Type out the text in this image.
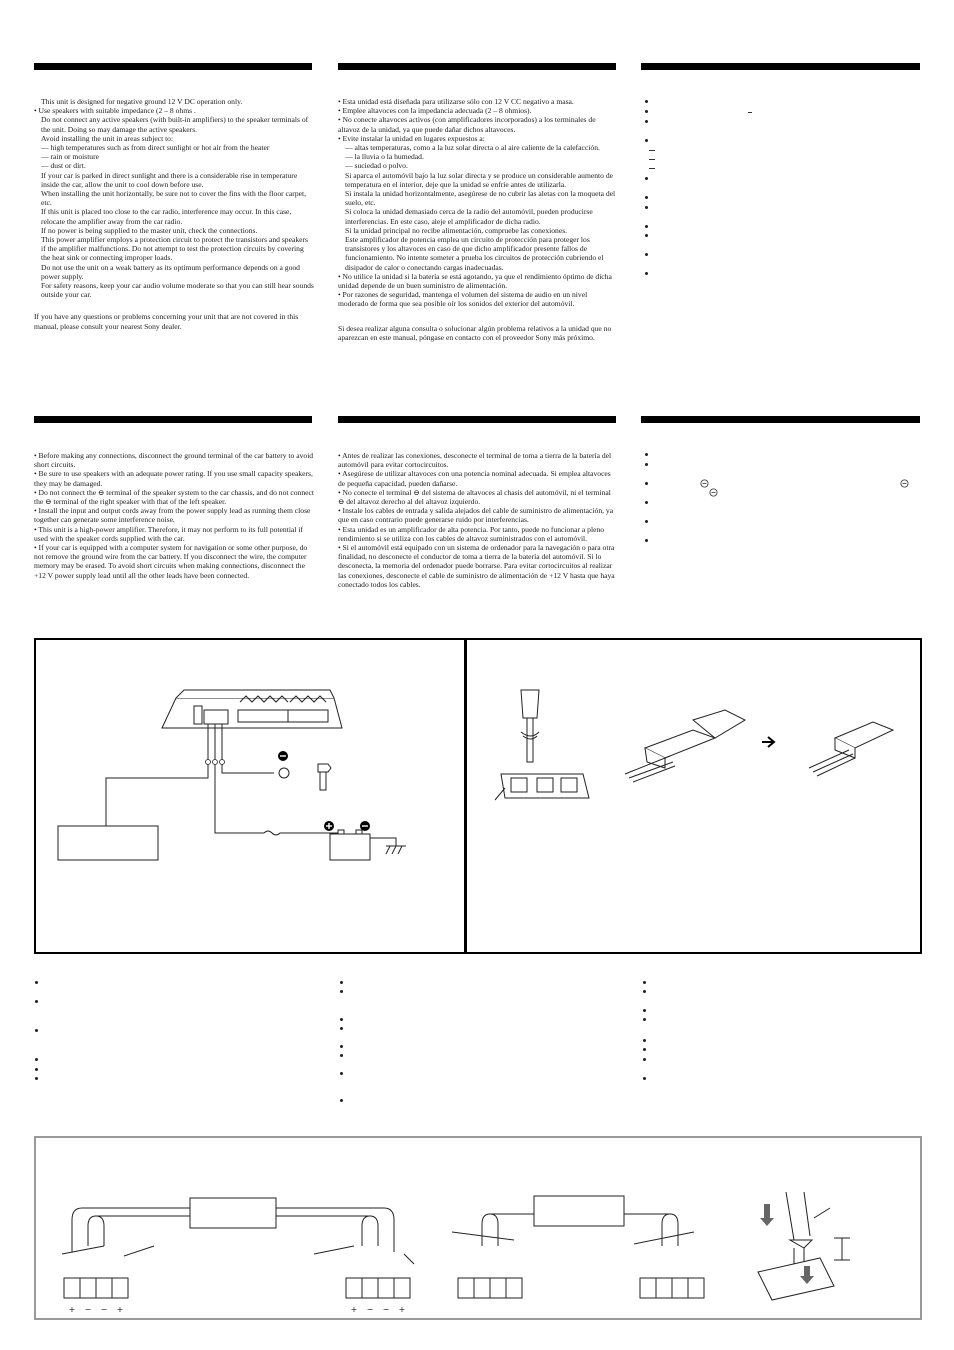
This unit is designed for negative ground 12 V DC operation only.

• Use speakers with suitable impedance (2 – 8 ohms .

Do not connect any active speakers (with built-in amplifiers) to the speaker terminals of the unit. Doing so may damage the active speakers.

Avoid installing the unit in areas subject to:

— high temperatures such as from direct sunlight or hot air from the heater

— rain or moisture

— dust or dirt.

If your car is parked in direct sunlight and there is a considerable rise in temperature inside the car, allow the unit to cool down before use.

When installing the unit horizontally, be sure not to cover the fins with the floor carpet, etc.

If this unit is placed too close to the car radio, interference may occur. In this case, relocate the amplifier away from the car radio.

If no power is being supplied to the master unit, check the connections.

This power amplifier employs a protection circuit to protect the transistors and speakers if the amplifier malfunctions. Do not attempt to test the protection circuits by covering the heat sink or connecting improper loads.

Do not use the unit on a weak battery as its optimum performance depends on a good power supply.

For safety reasons, keep your car audio volume moderate so that you can still hear sounds outside your car.

If you have any questions or problems concerning your unit that are not covered in this manual, please consult your nearest Sony dealer.

• Esta unidad está diseñada para utilizarse sólo con 12 V CC negativo a masa.

• Emplee altavoces con la impedancia adecuada (2 – 8 ohmios).

• No conecte altavoces activos (con amplificadores incorporados) a los terminales de altavoz de la unidad, ya que puede dañar dichos altavoces.

• Evite instalar la unidad en lugares expuestos a:

— altas temperaturas, como a la luz solar directa o al aire caliente de la calefacción.

— la lluvia o la humedad.

— suciedad o polvo.

Si aparca el automóvil bajo la luz solar directa y se produce un considerable aumento de temperatura en el interior, deje que la unidad se enfríe antes de utilizarla.

Si instala la unidad horizontalmente, asegúrese de no cubrir las aletas con la moqueta del suelo, etc.

Si coloca la unidad demasiado cerca de la radio del automóvil, pueden producirse interferencias. En este caso, aleje el amplificador de dicha radio.

Si la unidad principal no recibe alimentación, compruebe las conexiones.

Este amplificador de potencia emplea un circuito de protección para proteger los transistores y los altavoces en caso de que dicho amplificador presente fallos de funcionamiento. No intente someter a prueba los circuitos de protección cubriendo el disipador de calor o conectando cargas inadecuadas.

• No utilice la unidad si la batería se está agotando, ya que el rendimiento óptimo de dicha unidad depende de un buen suministro de alimentación.

• Por razones de seguridad, mantenga el volumen del sistema de audio en un nivel moderado de forma que sea posible oír los sonidos del exterior del automóvil.

Si desea realizar alguna consulta o solucionar algún problema relativos a la unidad que no aparezcan en este manual, póngase en contacto con el proveedor Sony más próximo.

• Before making any connections, disconnect the ground terminal of the car battery to avoid short circuits.

• Be sure to use speakers with an adequate power rating. If you use small capacity speakers, they may be damaged.

• Do not connect the ⊖ terminal of the speaker system to the car chassis, and do not connect the ⊖ terminal of the right speaker with that of the left speaker.

• Install the input and output cords away from the power supply lead as running them close together can generate some interference noise.

• This unit is a high-power amplifier. Therefore, it may not perform to its full potential if used with the speaker cords supplied with the car.

• If your car is equipped with a computer system for navigation or some other purpose, do not remove the ground wire from the car battery. If you disconnect the wire, the computer memory may be erased. To avoid short circuits when making connections, disconnect the +12 V power supply lead until all the other leads have been connected.

• Antes de realizar las conexiones, desconecte el terminal de toma a tierra de la batería del automóvil para evitar cortocircuitos.

• Asegúrese de utilizar altavoces con una potencia nominal adecuada. Si emplea altavoces de pequeña capacidad, pueden dañarse.

• No conecte el terminal ⊖ del sistema de altavoces al chasis del automóvil, ni el terminal ⊖ del altavoz derecho al del altavoz izquierdo.

• Instale los cables de entrada y salida alejados del cable de suministro de alimentación, ya que en caso contrario puede generarse ruido por interferencias.

• Esta unidad es un amplificador de alta potencia. Por tanto, puede no funcionar a pleno rendimiento si se utiliza con los cables de altavoz suministrados con el automóvil.

• Si el automóvil está equipado con un sistema de ordenador para la navegación o para otra finalidad, no desconecte el conductor de toma a tierra de la batería del automóvil. Si lo desconecta, la memoria del ordenador puede borrarse. Para evitar cortocircuitos al realizar las conexiones, desconecte el cable de suministro de alimentación de +12 V hasta que haya conectado todos los cables.

+ − − +	+ − − +
